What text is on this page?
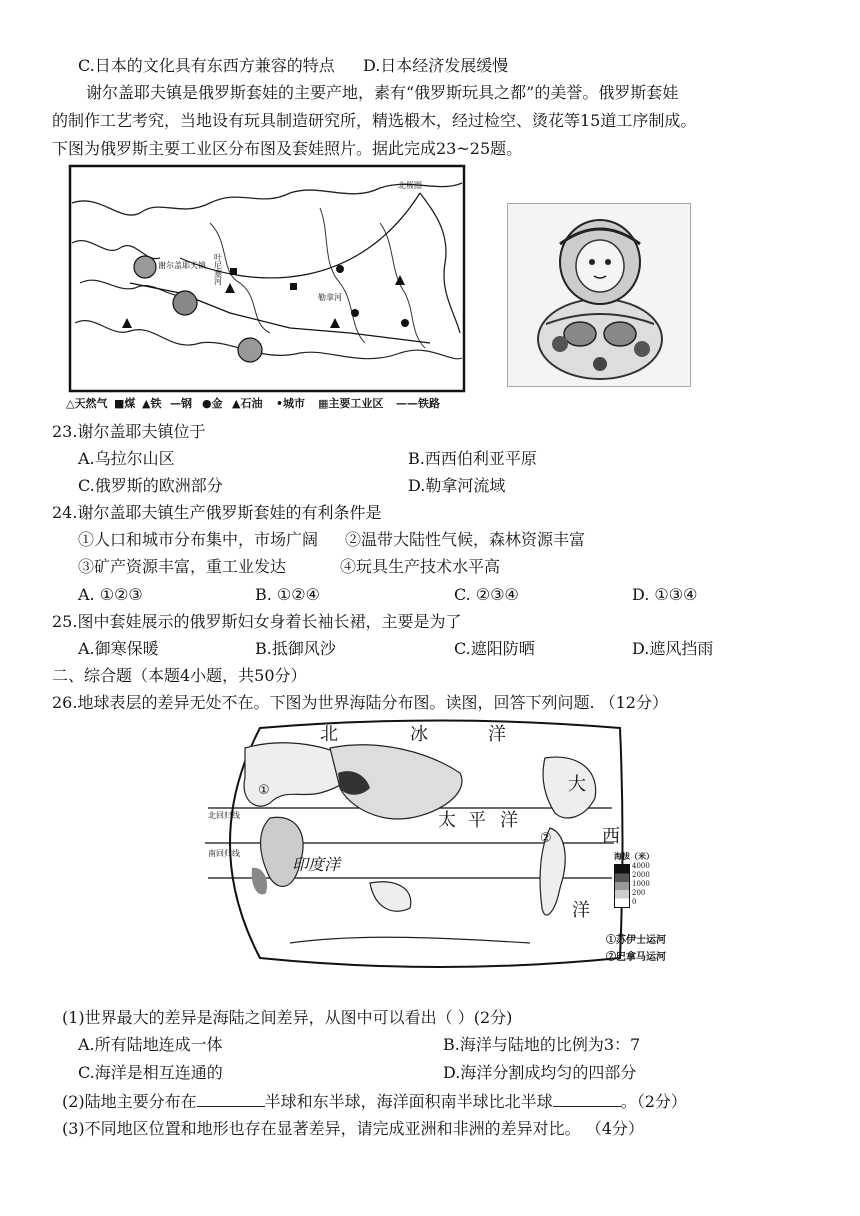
C.日本的文化具有东西方兼容的特点 D.日本经济发展缓慢
谢尔盖耶夫镇是俄罗斯套娃的主要产地，素有“俄罗斯玩具之都”的美誉。俄罗斯套娃
的制作工艺考究，当地设有玩具制造研究所，精选椴木，经过检空、烫花等15道工序制成。
下图为俄罗斯主要工业区分布图及套娃照片。据此完成23~25题。
谢尔盖耶夫镇 叶尼塞河
勒拿河
北极圈
△天然气 ■煤 ▲铁 —钢 ●金 ▲石油 •城市 ▦主要工业区 ——铁路
23.谢尔盖耶夫镇位于
A.乌拉尔山区	B.西西伯利亚平原
C.俄罗斯的欧洲部分	D.勒拿河流域
24.谢尔盖耶夫镇生产俄罗斯套娃的有利条件是
①人口和城市分布集中，市场广阔 ②温带大陆性气候，森林资源丰富
③矿产资源丰富，重工业发达	④玩具生产技术水平高
A. ①②③	B. ①②④	C. ②③④	D. ①③④
25.图中套娃展示的俄罗斯妇女身着长袖长裙，主要是为了
A.御寒保暖	B.抵御风沙	C.遮阳防晒	D.遮风挡雨
二、综合题（本题4小题，共50分）
26.地球表层的差异无处不在。下图为世界海陆分布图。读图，回答下列问题. （12分）
北	冰	洋
大
西
洋
太 平 洋
印度洋
北回归线
南回归线
①
②
海拔（米）
4000
2000
1000
200
0
①苏伊士运河
②巴拿马运河
(1)世界最大的差异是海陆之间差异，从图中可以看出（ ）(2分)
A.所有陆地连成一体	B.海洋与陆地的比例为3：7
C.海洋是相互连通的	D.海洋分割成均匀的四部分
(2)陆地主要分布在	半球和东半球，海洋面积南半球比北半球	。（2分）
(3)不同地区位置和地形也存在显著差异，请完成亚洲和非洲的差异对比。 （4分）
